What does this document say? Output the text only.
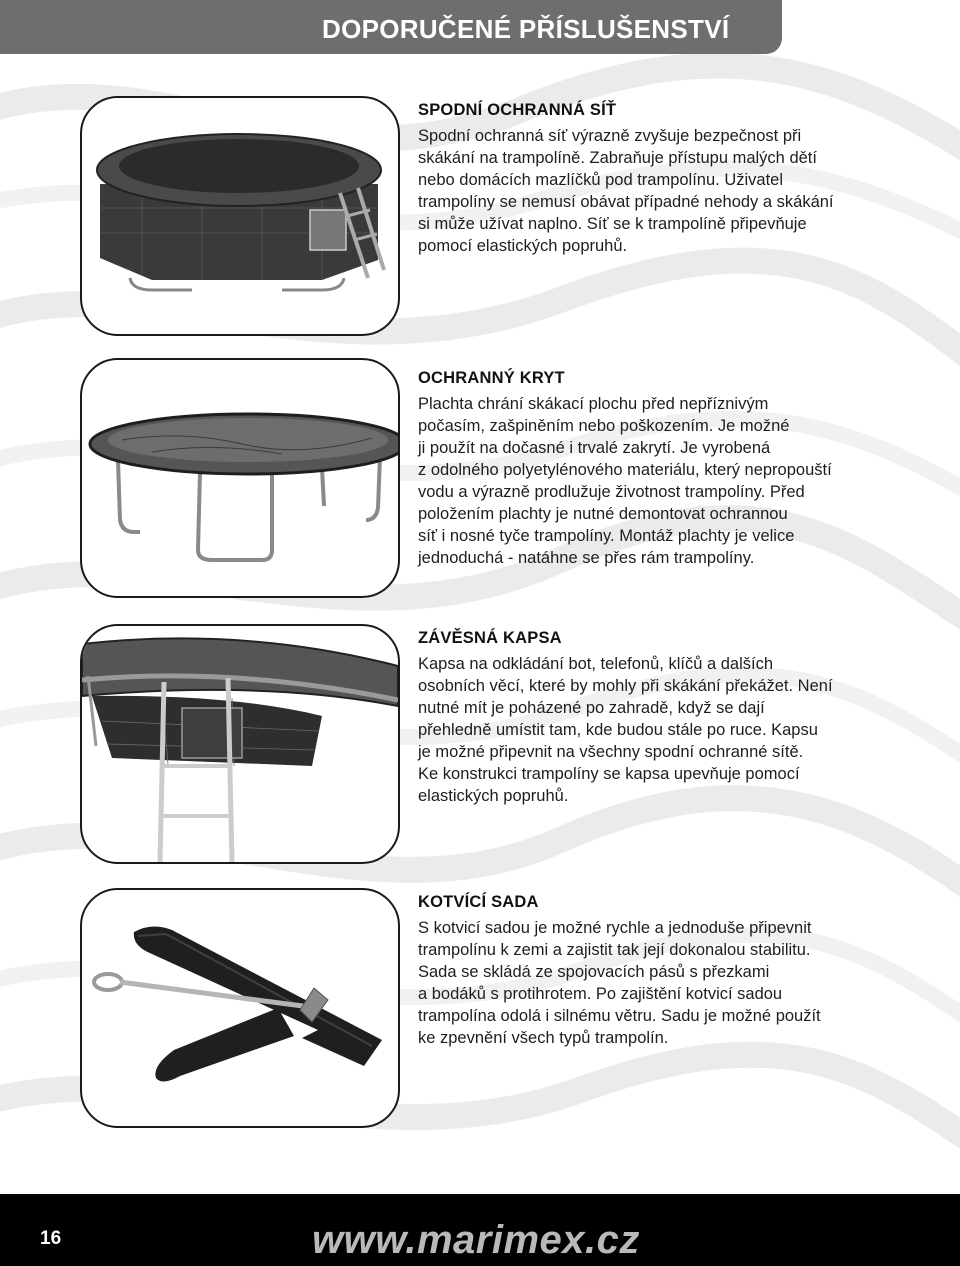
DOPORUČENÉ PŘÍSLUŠENSTVÍ
SPODNÍ OCHRANNÁ SÍŤ

Spodní ochranná síť výrazně zvyšuje bezpečnost při
skákání na trampolíně. Zabraňuje přístupu malých dětí
nebo domácích mazlíčků pod trampolínu. Uživatel
trampolíny se nemusí obávat případné nehody a skákání
si může užívat naplno. Síť se k trampolíně připevňuje
pomocí elastických popruhů.

OCHRANNÝ KRYT

Plachta chrání skákací plochu před nepříznivým
počasím, zašpiněním nebo poškozením. Je možné
ji použít na dočasné i trvalé zakrytí. Je vyrobená
z odolného polyetylénového materiálu, který nepropouští
vodu a výrazně prodlužuje životnost trampolíny. Před
položením plachty je nutné demontovat ochrannou
síť i nosné tyče trampolíny. Montáž plachty je velice
jednoduchá - natáhne se přes rám trampolíny.

ZÁVĚSNÁ KAPSA

Kapsa na odkládání bot, telefonů, klíčů a dalších
osobních věcí, které by mohly při skákání překážet. Není
nutné mít je poházené po zahradě, když se dají
přehledně umístit tam, kde budou stále po ruce. Kapsu
je možné připevnit na všechny spodní ochranné sítě.
Ke konstrukci trampolíny se kapsa upevňuje pomocí
elastických popruhů.

KOTVÍCÍ SADA

S kotvicí sadou je možné rychle a jednoduše připevnit
trampolínu k zemi a zajistit tak její dokonalou stabilitu.
Sada se skládá ze spojovacích pásů s přezkami
a bodáků s protihrotem. Po zajištění kotvicí sadou
trampolína odolá i silnému větru. Sadu je možné použít
ke zpevnění všech typů trampolín.

16	www.marimex.cz
